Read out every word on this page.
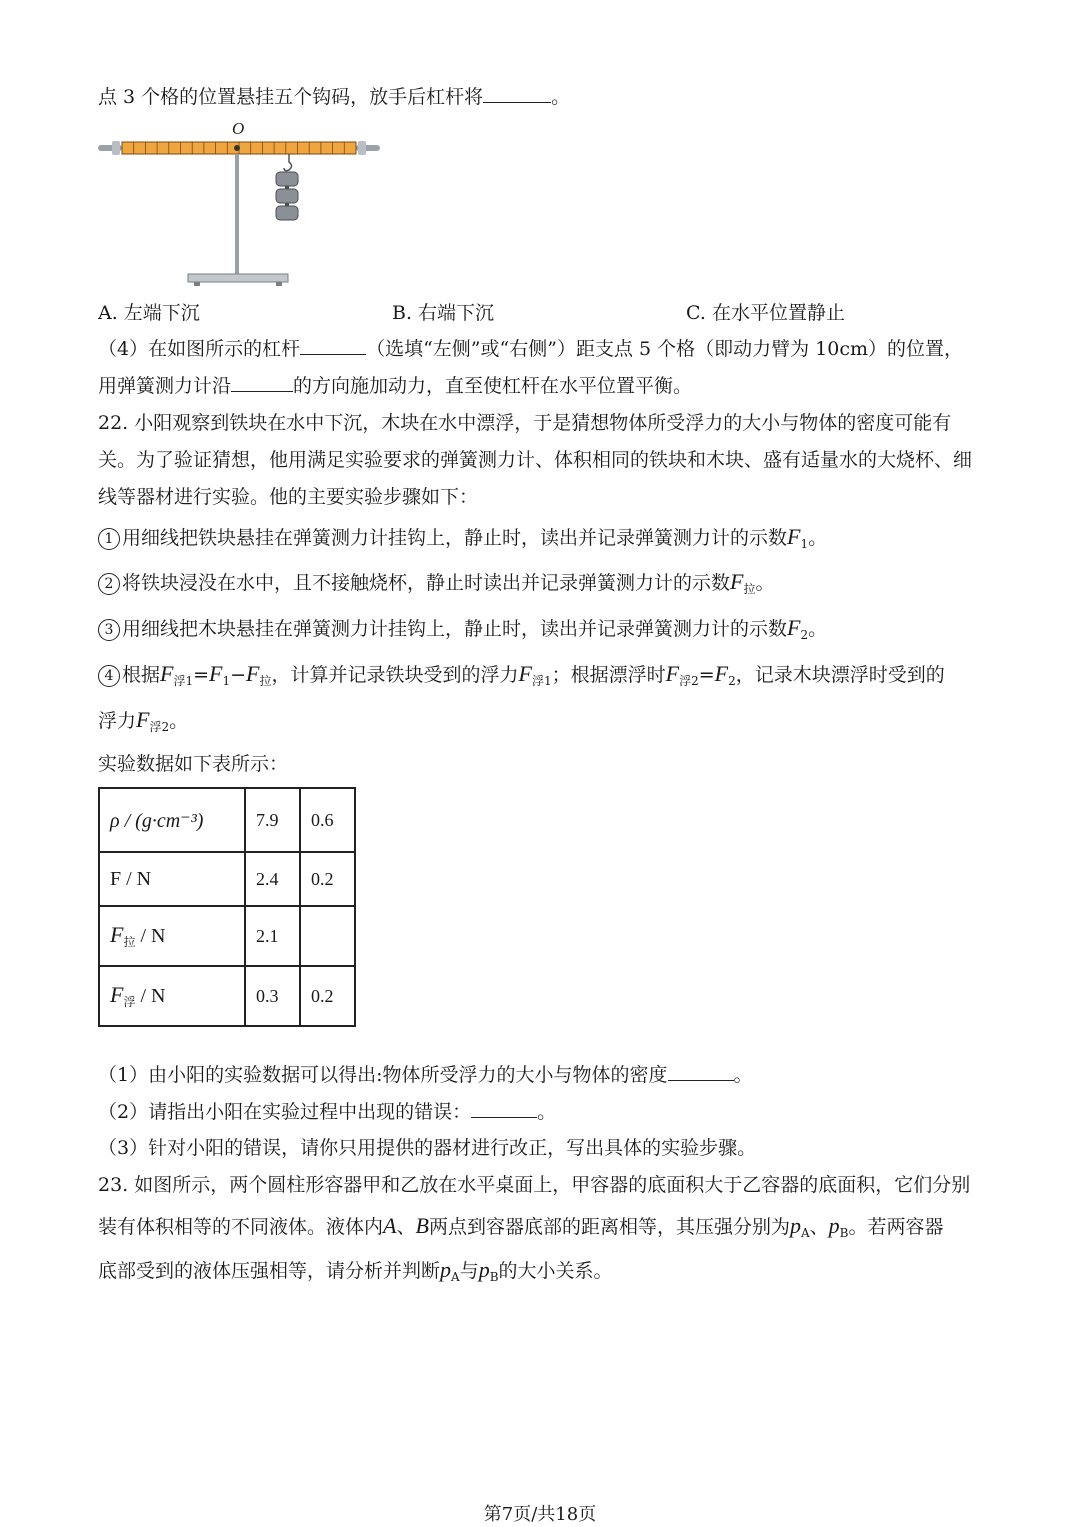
点 3 个格的位置悬挂五个钩码，放手后杠杆将	。
O
A. 左端下沉	B. 右端下沉	C. 在水平位置静止
（4）在如图所示的杠杆	（选填“左侧”或“右侧”）距支点 5 个格（即动力臂为 10cm）的位置，
用弹簧测力计沿	的方向施加动力，直至使杠杆在水平位置平衡。
22. 小阳观察到铁块在水中下沉，木块在水中漂浮，于是猜想物体所受浮力的大小与物体的密度可能有
关。为了验证猜想，他用满足实验要求的弹簧测力计、体积相同的铁块和木块、盛有适量水的大烧杯、细
线等器材进行实验。他的主要实验步骤如下：
1 用细线把铁块悬挂在弹簧测力计挂钩上，静止时，读出并记录弹簧测力计的示数$F_1$。
2 将铁块浸没在水中，且不接触烧杯，静止时读出并记录弹簧测力计的示数$F_拉$。
3 用细线把木块悬挂在弹簧测力计挂钩上，静止时，读出并记录弹簧测力计的示数$F_2$。
4 根据$F_{浮1}=F_1-F_拉$，计算并记录铁块受到的浮力$F_{浮1}$；根据漂浮时$F_{浮2}=F_2$，记录木块漂浮时受到的
浮力$F_{浮2}$。
实验数据如下表所示：
ρ / (g·cm⁻³)	7.9	0.6
F / N	2.4	0.2
$F_拉$ / N	2.1	
$F_浮$ / N	0.3	0.2
（1）由小阳的实验数据可以得出:物体所受浮力的大小与物体的密度	。
（2）请指出小阳在实验过程中出现的错误：	。
（3）针对小阳的错误，请你只用提供的器材进行改正，写出具体的实验步骤。
23. 如图所示，两个圆柱形容器甲和乙放在水平桌面上，甲容器的底面积大于乙容器的底面积，它们分别
装有体积相等的不同液体。液体内A、B两点到容器底部的距离相等，其压强分别为$p_A$、$p_B$。若两容器
底部受到的液体压强相等，请分析并判断$p_A$与$p_B$的大小关系。
第7页/共18页
